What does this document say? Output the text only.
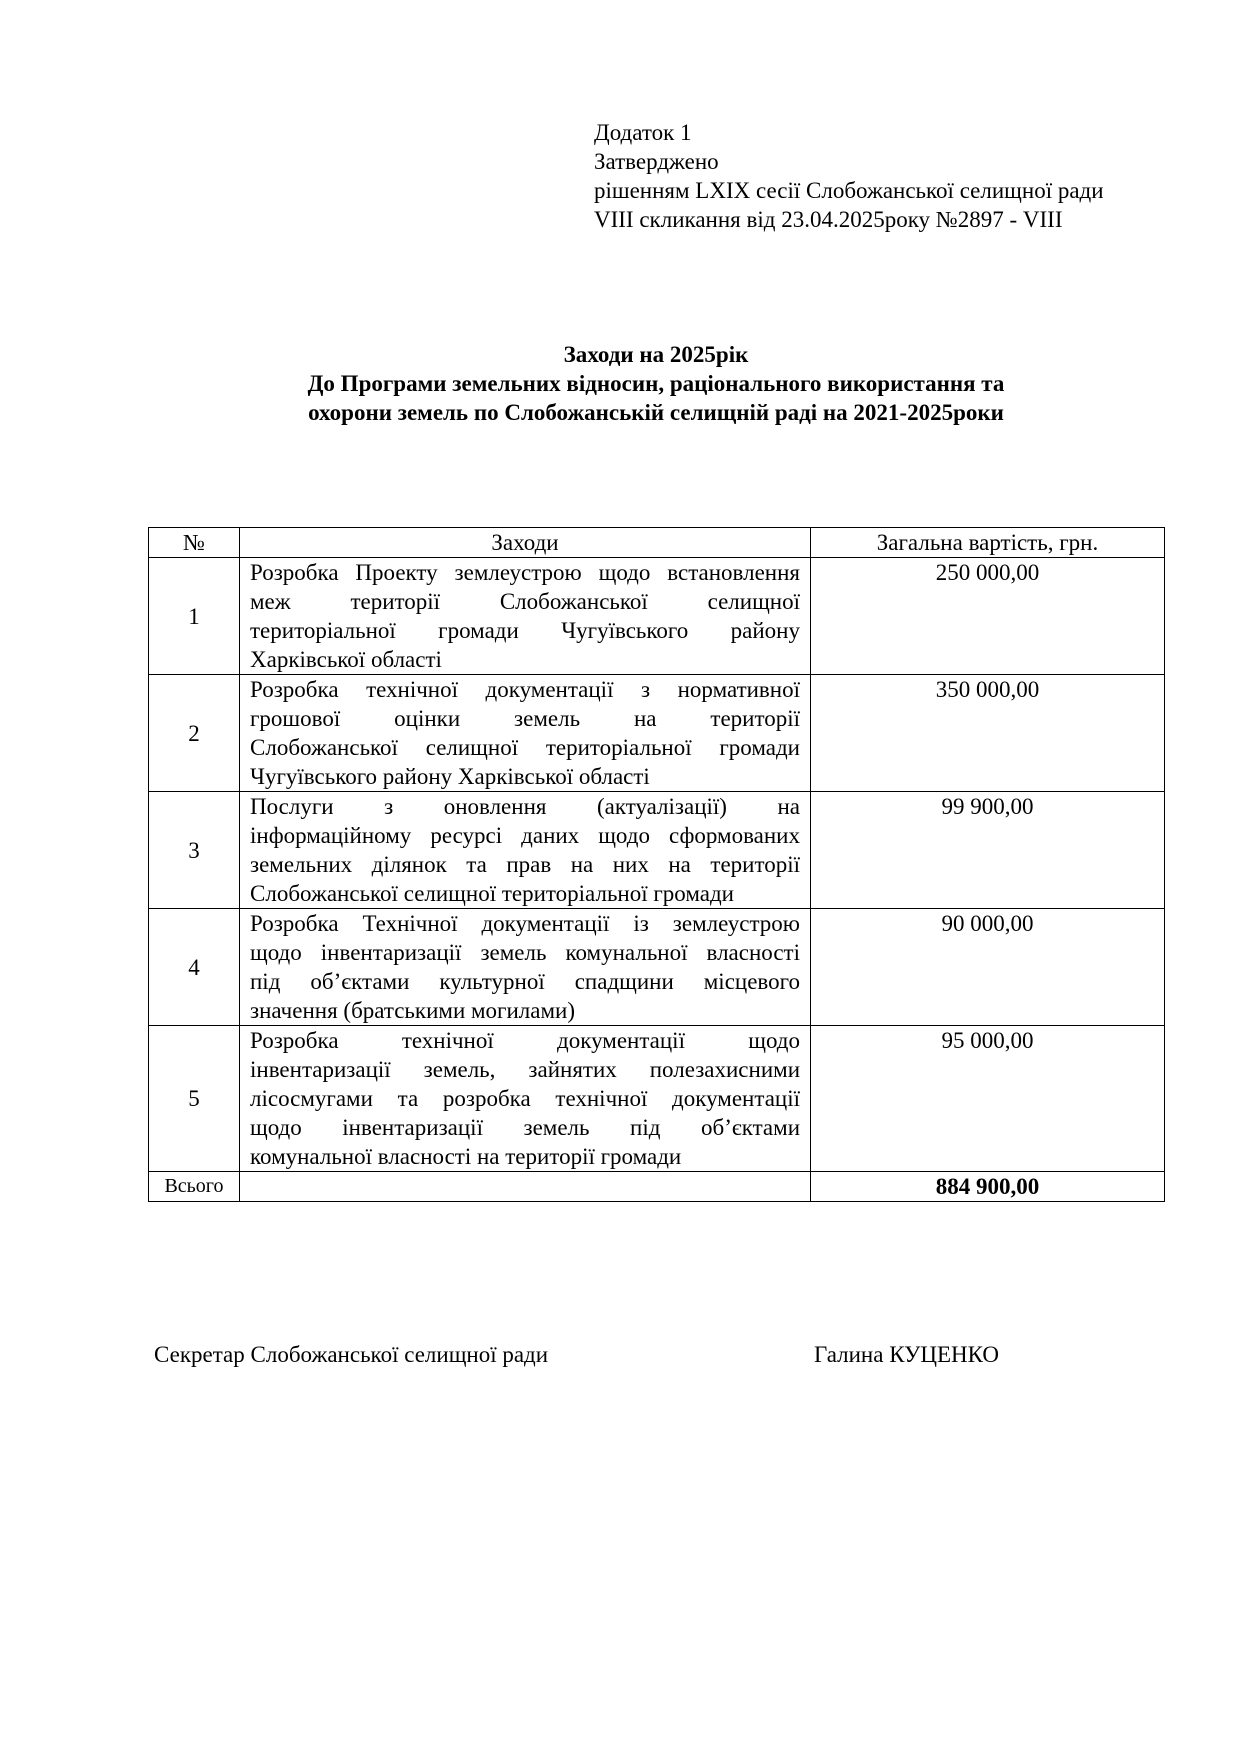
Додаток 1
Затверджено
рішенням LXIX сесії Слобожанської селищної ради
VIII скликання від 23.04.2025року №2897 - VIII
Заходи на 2025рік
До Програми земельних відносин, раціонального використання та
охорони земель по Слобожанській селищній раді на 2021-2025роки
№	Заходи	Загальна вартість, грн.
1	Розробка Проекту землеустрою щодо встановлення
меж території Слобожанської селищної
територіальної громади Чугуївського району
Харківської області	250 000,00
2	Розробка технічної документації з нормативної
грошової оцінки земель на території
Слобожанської селищної територіальної громади
Чугуївського району Харківської області	350 000,00
3	Послуги з оновлення (актуалізації) на
інформаційному ресурсі даних щодо сформованих
земельних ділянок та прав на них на території
Слобожанської селищної територіальної громади	99 900,00
4	Розробка Технічної документації із землеустрою
щодо інвентаризації земель комунальної власності
під об’єктами культурної спадщини місцевого
значення (братськими могилами)	90 000,00
5	Розробка технічної документації щодо
інвентаризації земель, зайнятих полезахисними
лісосмугами та розробка технічної документації
щодо інвентаризації земель під об’єктами
комунальної власності на території громади	95 000,00
Всього		884 900,00
Секретар Слобожанської селищної ради	Галина КУЦЕНКО
